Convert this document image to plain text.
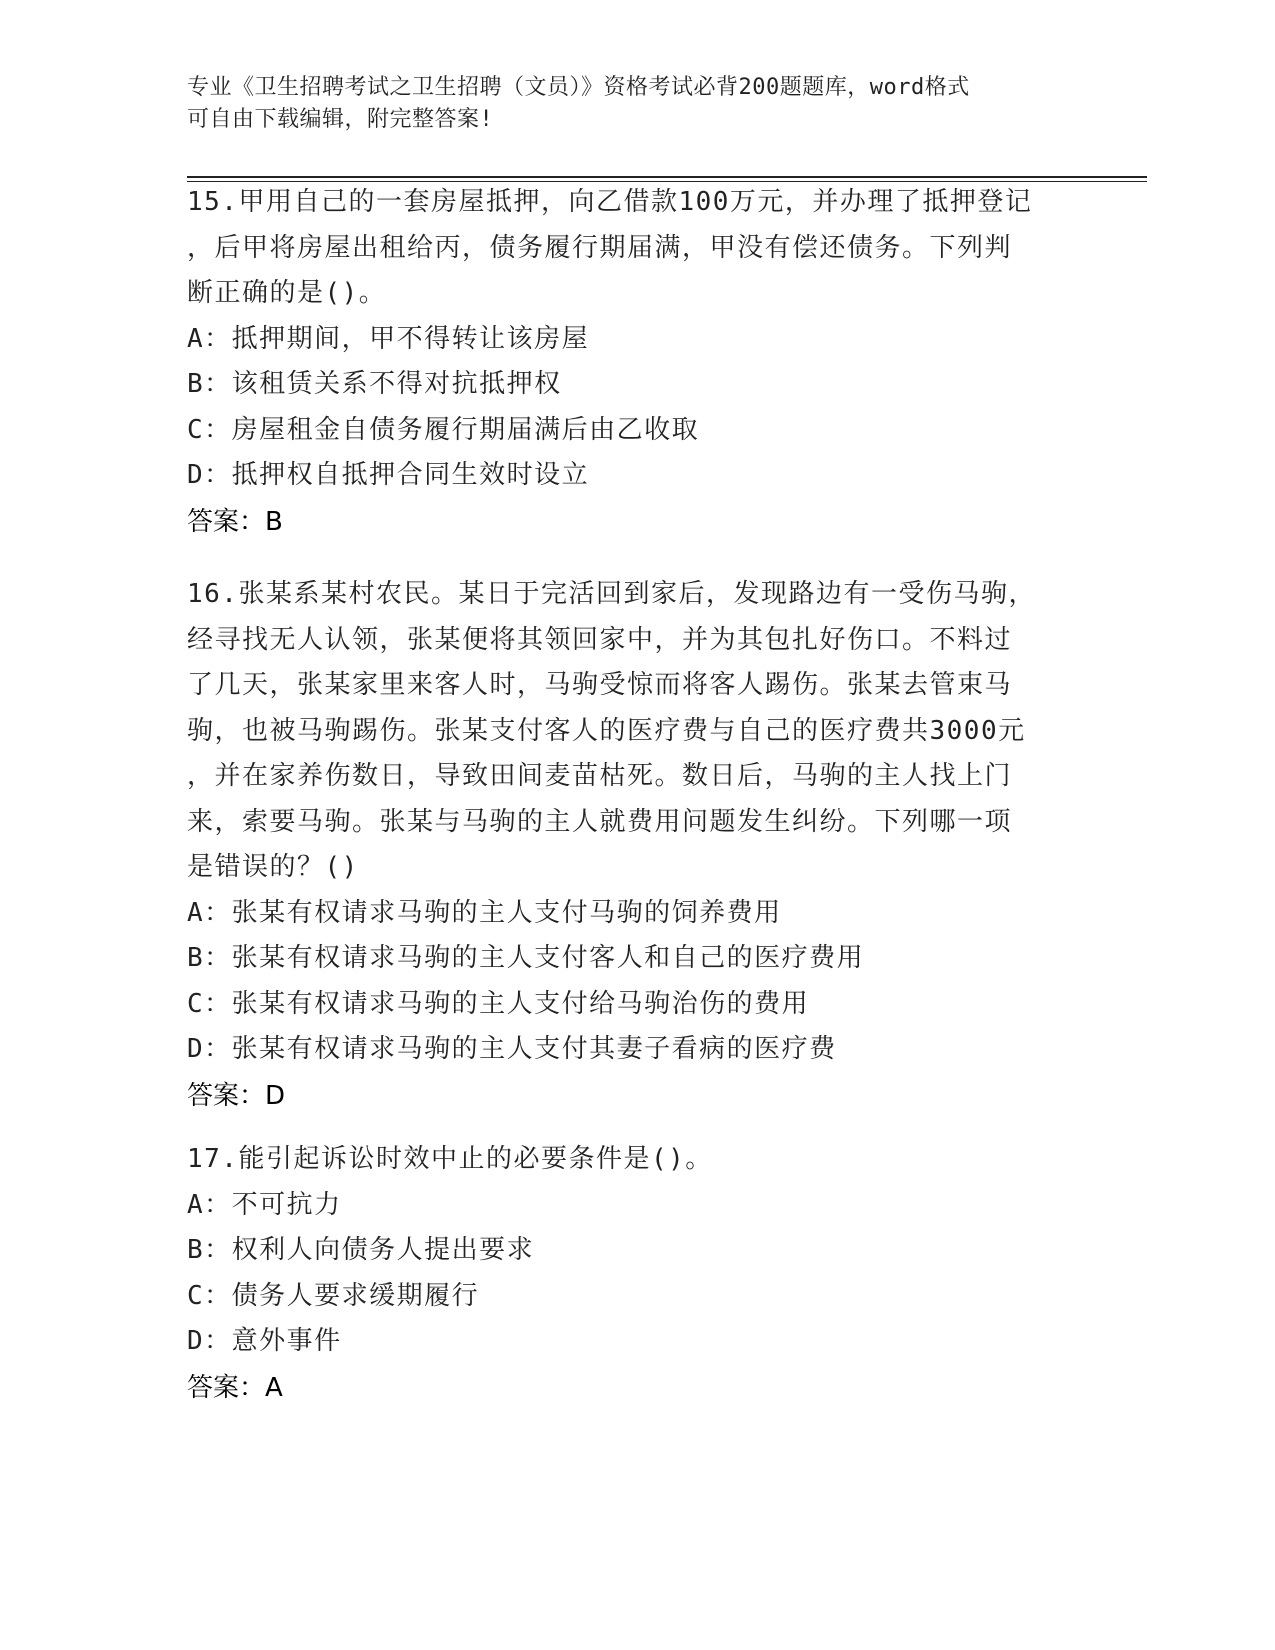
专业《卫生招聘考试之卫生招聘（文员）》资格考试必背200题题库，word格式
可自由下载编辑，附完整答案!
15.甲用自己的一套房屋抵押，向乙借款100万元，并办理了抵押登记
，后甲将房屋出租给丙，债务履行期届满，甲没有偿还债务。下列判
断正确的是()。
A：抵押期间，甲不得转让该房屋
B：该租赁关系不得对抗抵押权
C：房屋租金自债务履行期届满后由乙收取
D：抵押权自抵押合同生效时设立
答案：B
16.张某系某村农民。某日于完活回到家后，发现路边有一受伤马驹，
经寻找无人认领，张某便将其领回家中，并为其包扎好伤口。不料过
了几天，张某家里来客人时，马驹受惊而将客人踢伤。张某去管束马
驹，也被马驹踢伤。张某支付客人的医疗费与自己的医疗费共3000元
，并在家养伤数日，导致田间麦苗枯死。数日后，马驹的主人找上门
来，索要马驹。张某与马驹的主人就费用问题发生纠纷。下列哪一项
是错误的？()
A：张某有权请求马驹的主人支付马驹的饲养费用
B：张某有权请求马驹的主人支付客人和自己的医疗费用
C：张某有权请求马驹的主人支付给马驹治伤的费用
D：张某有权请求马驹的主人支付其妻子看病的医疗费
答案：D
17.能引起诉讼时效中止的必要条件是()。
A：不可抗力
B：权利人向债务人提出要求
C：债务人要求缓期履行
D：意外事件
答案：A
